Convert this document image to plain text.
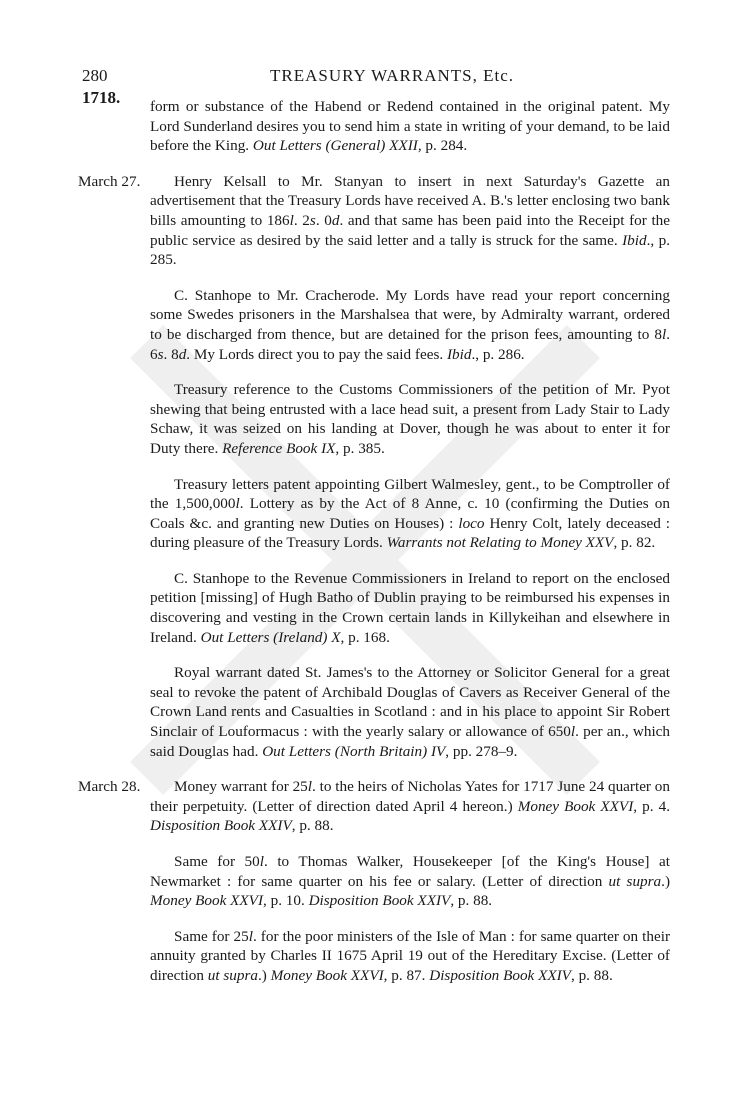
280
1718.
TREASURY WARRANTS, Etc.
form or substance of the Habend or Redend contained in the original patent. My Lord Sunderland desires you to send him a state in writing of your demand, to be laid before the King. Out Letters (General) XXII, p. 284.
March 27.	Henry Kelsall to Mr. Stanyan to insert in next Saturday's Gazette an advertisement that the Treasury Lords have received A. B.'s letter enclosing two bank bills amounting to 186l. 2s. 0d. and that same has been paid into the Receipt for the public service as desired by the said letter and a tally is struck for the same. Ibid., p. 285.
C. Stanhope to Mr. Cracherode. My Lords have read your report concerning some Swedes prisoners in the Marshalsea that were, by Admiralty warrant, ordered to be discharged from thence, but are detained for the prison fees, amounting to 8l. 6s. 8d. My Lords direct you to pay the said fees. Ibid., p. 286.
Treasury reference to the Customs Commissioners of the petition of Mr. Pyot shewing that being entrusted with a lace head suit, a present from Lady Stair to Lady Schaw, it was seized on his landing at Dover, though he was about to enter it for Duty there. Reference Book IX, p. 385.
Treasury letters patent appointing Gilbert Walmesley, gent., to be Comptroller of the 1,500,000l. Lottery as by the Act of 8 Anne, c. 10 (confirming the Duties on Coals &c. and granting new Duties on Houses) : loco Henry Colt, lately deceased : during pleasure of the Treasury Lords. Warrants not Relating to Money XXV, p. 82.
C. Stanhope to the Revenue Commissioners in Ireland to report on the enclosed petition [missing] of Hugh Batho of Dublin praying to be reimbursed his expenses in discovering and vesting in the Crown certain lands in Killykeihan and elsewhere in Ireland. Out Letters (Ireland) X, p. 168.
Royal warrant dated St. James's to the Attorney or Solicitor General for a great seal to revoke the patent of Archibald Douglas of Cavers as Receiver General of the Crown Land rents and Casualties in Scotland : and in his place to appoint Sir Robert Sinclair of Louformacus : with the yearly salary or allowance of 650l. per an., which said Douglas had. Out Letters (North Britain) IV, pp. 278–9.
March 28.	Money warrant for 25l. to the heirs of Nicholas Yates for 1717 June 24 quarter on their perpetuity. (Letter of direction dated April 4 hereon.) Money Book XXVI, p. 4. Disposition Book XXIV, p. 88.
Same for 50l. to Thomas Walker, Housekeeper [of the King's House] at Newmarket : for same quarter on his fee or salary. (Letter of direction ut supra.) Money Book XXVI, p. 10. Disposition Book XXIV, p. 88.
Same for 25l. for the poor ministers of the Isle of Man : for same quarter on their annuity granted by Charles II 1675 April 19 out of the Hereditary Excise. (Letter of direction ut supra.) Money Book XXVI, p. 87. Disposition Book XXIV, p. 88.
